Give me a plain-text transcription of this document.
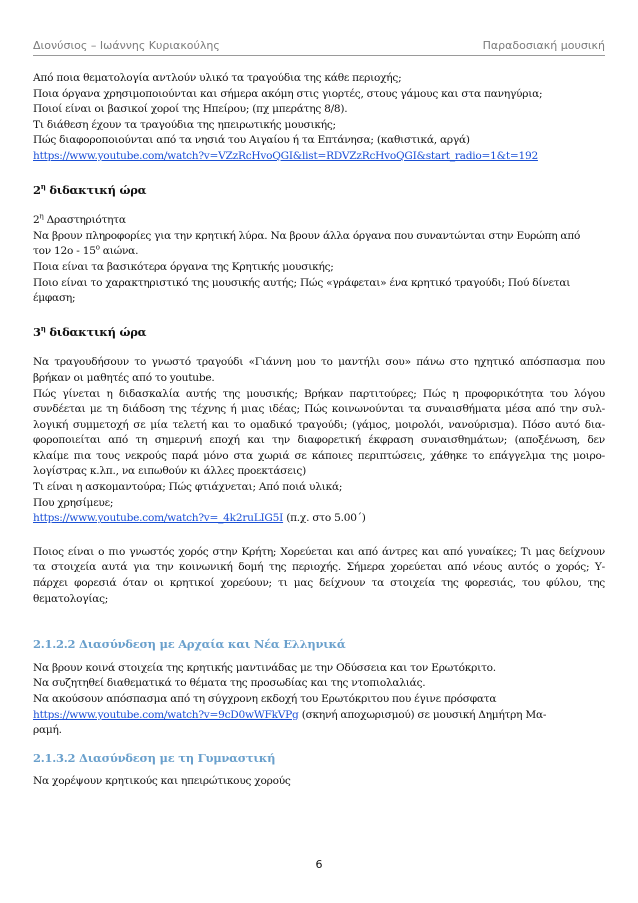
Διονύσιος – Ιωάννης Κυριακούλης	Παραδοσιακή μουσική
Από ποια θεματολογία αντλούν υλικό τα τραγούδια της κάθε περιοχής;
Ποια όργανα χρησιμοποιούνται και σήμερα ακόμη στις γιορτές, στους γάμους και στα πανηγύρια;
Ποιοί είναι οι βασικοί χοροί της Ηπείρου; (πχ μπεράτης 8/8).
Τι διάθεση έχουν τα τραγούδια της ηπειρωτικής μουσικής;
Πώς διαφοροποιούνται από τα νησιά του Αιγαίου ή τα Επτάνησα; (καθιστικά, αργά)
https://www.youtube.com/watch?v=VZzRcHvoQGI&list=RDVZzRcHvoQGI&start_radio=1&t=192
$2^\eta$ διδακτική ώρα
$2^\eta$ Δραστηριότητα
Να βρουν πληροφορίες για την κρητική λύρα. Να βρουν άλλα όργανα που συναντώνται στην Ευρώπη από
τον $12o - 15^o$ αιώνα.
Ποια είναι τα βασικότερα όργανα της Κρητικής μουσικής;
Ποιο είναι το χαρακτηριστικό της μουσικής αυτής; Πώς «γράφεται» ένα κρητικό τραγούδι; Πού δίνεται
έμφαση;
$3^\eta$ διδακτική ώρα
Να τραγουδήσουν το γνωστό τραγούδι «Γιάννη μου το μαντήλι σου» πάνω στο ηχητικό απόσπασμα που
βρήκαν οι μαθητές από το youtube.
Πώς γίνεται η διδασκαλία αυτής της μουσικής; Βρήκαν παρτιτούρες; Πώς η προφορικότητα του λόγου
συνδέεται με τη διάδοση της τέχνης ή μιας ιδέας; Πώς κοινωνούνται τα συναισθήματα μέσα από την συλ-
λογική συμμετοχή σε μία τελετή και το ομαδικό τραγούδι; (γάμος, μοιρολόι, νανούρισμα). Πόσο αυτό δια-
φοροποιείται από τη σημερινή εποχή και την διαφορετική έκφραση συναισθημάτων; (αποξένωση, δεν
κλαίμε πια τους νεκρούς παρά μόνο στα χωριά σε κάποιες περιπτώσεις, χάθηκε το επάγγελμα της μοιρο-
λογίστρας κ.λπ., να ειπωθούν κι άλλες προεκτάσεις)
Τι είναι η ασκομαντούρα; Πώς φτιάχνεται; Από ποιά υλικά;
Που χρησίμευε;
https://www.youtube.com/watch?v=_4k2ruLIG5I (π.χ. στο 5.00΄)
Ποιος είναι ο πιο γνωστός χορός στην Κρήτη; Χορεύεται και από άντρες και από γυναίκες; Τι μας δείχνουν
τα στοιχεία αυτά για την κοινωνική δομή της περιοχής. Σήμερα χορεύεται από νέους αυτός ο χορός; Υ-
πάρχει φορεσιά όταν οι κρητικοί χορεύουν; τι μας δείχνουν τα στοιχεία της φορεσιάς, του φύλου, της
θεματολογίας;
2.1.2.2 Διασύνδεση με Αρχαία και Νέα Ελληνικά
Να βρουν κοινά στοιχεία της κρητικής μαντινάδας με την Οδύσσεια και τον Ερωτόκριτο.
Να συζητηθεί διαθεματικά το θέματα της προσωδίας και της ντοπιολαλιάς.
Να ακούσουν απόσπασμα από τη σύγχρονη εκδοχή του Ερωτόκριτου που έγινε πρόσφατα
https://www.youtube.com/watch?v=9cD0wWFkVPg (σκηνή αποχωρισμού) σε μουσική Δημήτρη Μα-
ραμή.
2.1.3.2 Διασύνδεση με τη Γυμναστική
Να χορέψουν κρητικούς και ηπειρώτικους χορούς
6
